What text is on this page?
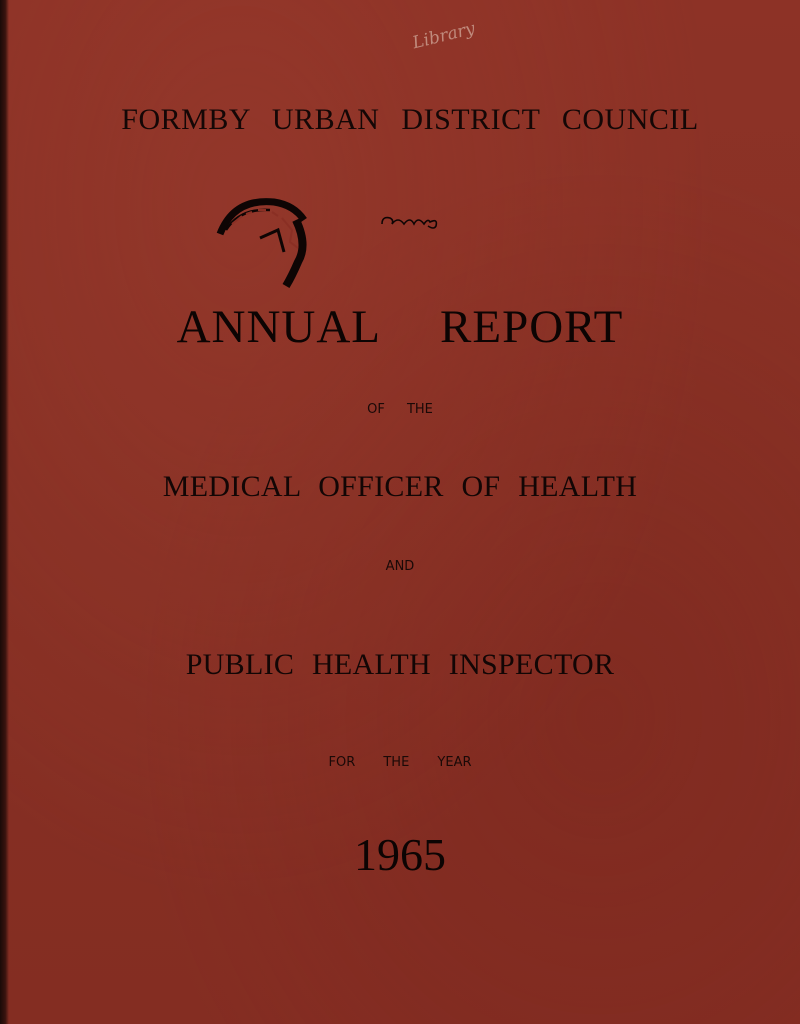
Library
FORMBY URBAN DISTRICT COUNCIL
ANNUAL REPORT
OF THE
MEDICAL OFFICER OF HEALTH
AND
PUBLIC HEALTH INSPECTOR
FOR THE YEAR
1965
